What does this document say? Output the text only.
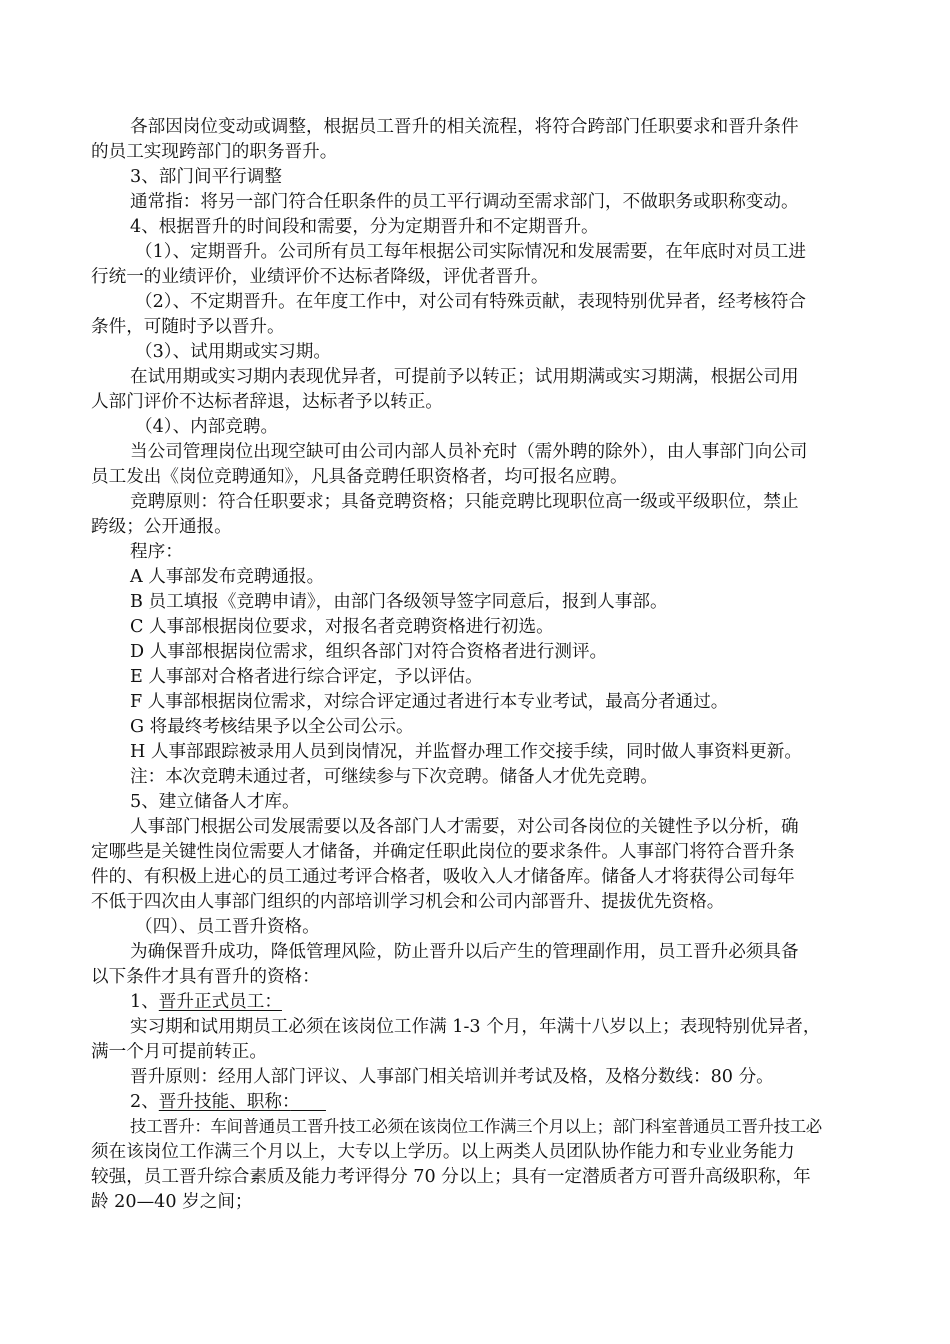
各部因岗位变动或调整，根据员工晋升的相关流程，将符合跨部门任职要求和晋升条件

的员工实现跨部门的职务晋升。

3、部门间平行调整

通常指：将另一部门符合任职条件的员工平行调动至需求部门，不做职务或职称变动。

4、根据晋升的时间段和需要，分为定期晋升和不定期晋升。

（1）、定期晋升。公司所有员工每年根据公司实际情况和发展需要，在年底时对员工进

行统一的业绩评价，业绩评价不达标者降级，评优者晋升。

（2）、不定期晋升。在年度工作中，对公司有特殊贡献，表现特别优异者，经考核符合

条件，可随时予以晋升。

（3）、试用期或实习期。

在试用期或实习期内表现优异者，可提前予以转正；试用期满或实习期满，根据公司用

人部门评价不达标者辞退，达标者予以转正。

（4）、内部竞聘。

当公司管理岗位出现空缺可由公司内部人员补充时（需外聘的除外），由人事部门向公司

员工发出《岗位竞聘通知》，凡具备竞聘任职资格者，均可报名应聘。

竞聘原则：符合任职要求；具备竞聘资格；只能竞聘比现职位高一级或平级职位，禁止

跨级；公开通报。

程序：

A 人事部发布竞聘通报。

B 员工填报《竞聘申请》，由部门各级领导签字同意后，报到人事部。

C 人事部根据岗位要求，对报名者竞聘资格进行初选。

D 人事部根据岗位需求，组织各部门对符合资格者进行测评。

E 人事部对合格者进行综合评定，予以评估。

F 人事部根据岗位需求，对综合评定通过者进行本专业考试，最高分者通过。

G 将最终考核结果予以全公司公示。

H 人事部跟踪被录用人员到岗情况，并监督办理工作交接手续，同时做人事资料更新。

注：本次竞聘未通过者，可继续参与下次竞聘。储备人才优先竞聘。

5、建立储备人才库。

人事部门根据公司发展需要以及各部门人才需要，对公司各岗位的关键性予以分析，确

定哪些是关键性岗位需要人才储备，并确定任职此岗位的要求条件。人事部门将符合晋升条

件的、有积极上进心的员工通过考评合格者，吸收入人才储备库。储备人才将获得公司每年

不低于四次由人事部门组织的内部培训学习机会和公司内部晋升、提拔优先资格。

（四）、员工晋升资格。

为确保晋升成功，降低管理风险，防止晋升以后产生的管理副作用，员工晋升必须具备

以下条件才具有晋升的资格：

1、晋升正式员工：

实习期和试用期员工必须在该岗位工作满 1-3 个月，年满十八岁以上；表现特别优异者，

满一个月可提前转正。

晋升原则：经用人部门评议、人事部门相关培训并考试及格，及格分数线：80 分。

2、晋升技能、职称：　　

技工晋升：车间普通员工晋升技工必须在该岗位工作满三个月以上；部门科室普通员工晋升技工必

须在该岗位工作满三个月以上，大专以上学历。以上两类人员团队协作能力和专业业务能力

较强，员工晋升综合素质及能力考评得分 70 分以上；具有一定潜质者方可晋升高级职称，年

龄 20—40 岁之间；
